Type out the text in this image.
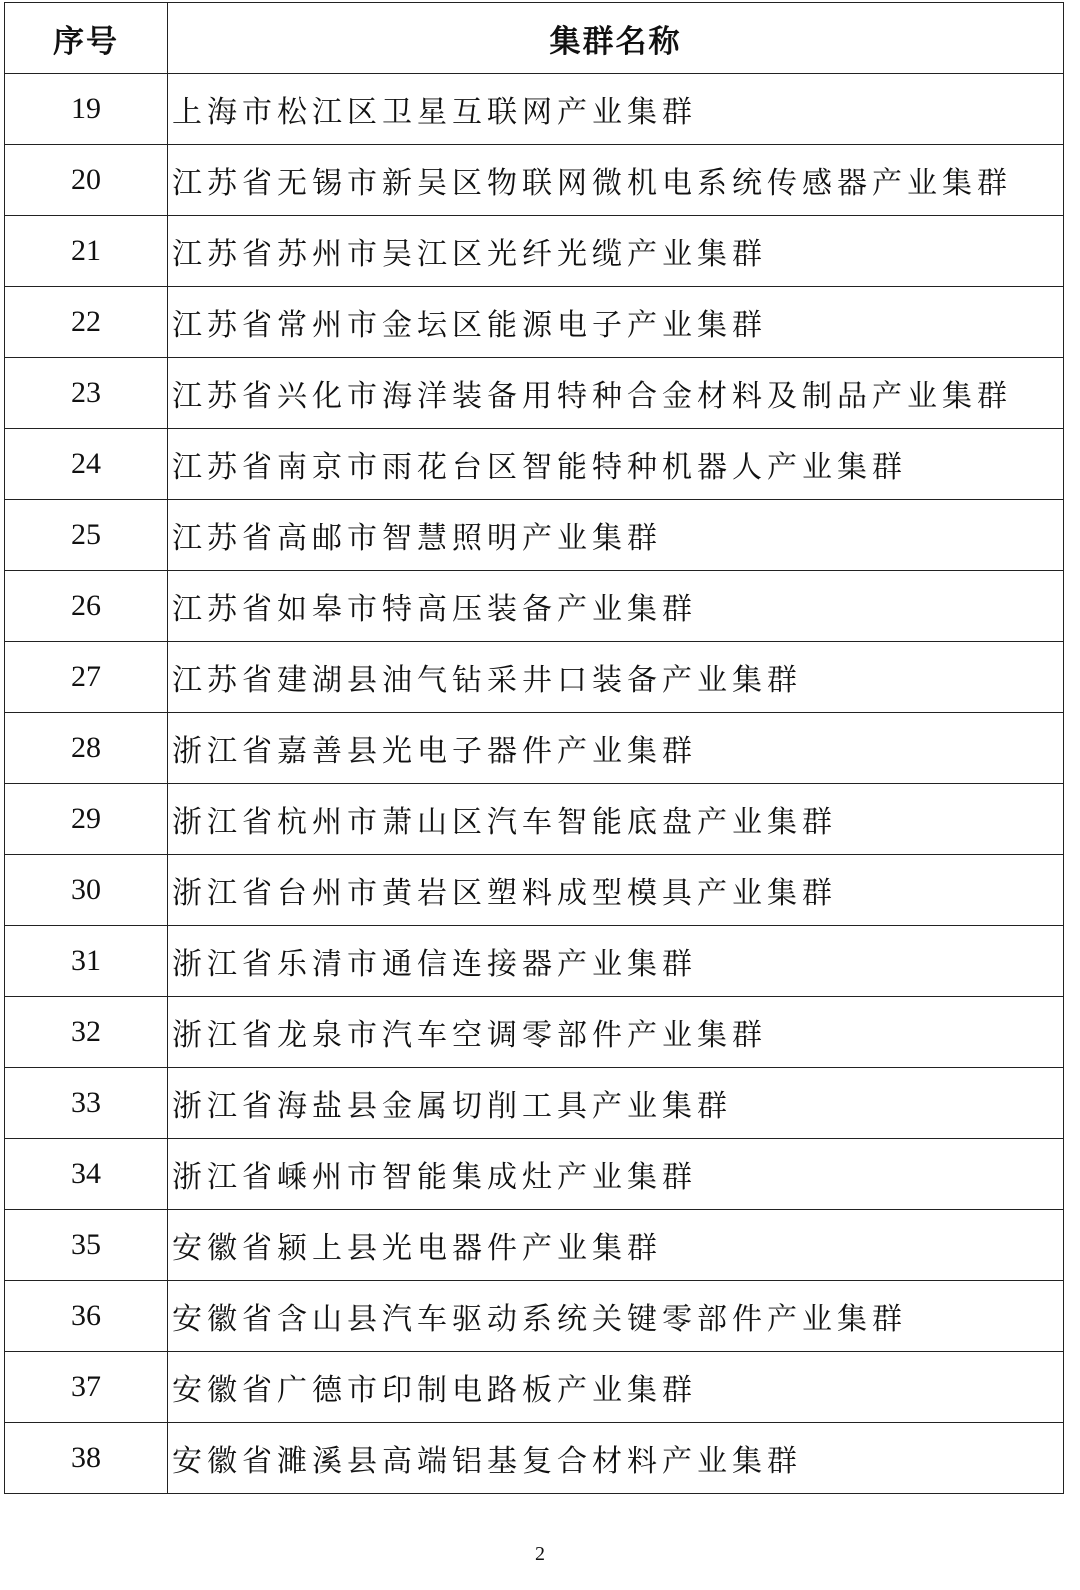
序号	集群名称
19	上海市松江区卫星互联网产业集群
20	江苏省无锡市新吴区物联网微机电系统传感器产业集群
21	江苏省苏州市吴江区光纤光缆产业集群
22	江苏省常州市金坛区能源电子产业集群
23	江苏省兴化市海洋装备用特种合金材料及制品产业集群
24	江苏省南京市雨花台区智能特种机器人产业集群
25	江苏省高邮市智慧照明产业集群
26	江苏省如皋市特高压装备产业集群
27	江苏省建湖县油气钻采井口装备产业集群
28	浙江省嘉善县光电子器件产业集群
29	浙江省杭州市萧山区汽车智能底盘产业集群
30	浙江省台州市黄岩区塑料成型模具产业集群
31	浙江省乐清市通信连接器产业集群
32	浙江省龙泉市汽车空调零部件产业集群
33	浙江省海盐县金属切削工具产业集群
34	浙江省嵊州市智能集成灶产业集群
35	安徽省颍上县光电器件产业集群
36	安徽省含山县汽车驱动系统关键零部件产业集群
37	安徽省广德市印制电路板产业集群
38	安徽省濉溪县高端铝基复合材料产业集群
2
